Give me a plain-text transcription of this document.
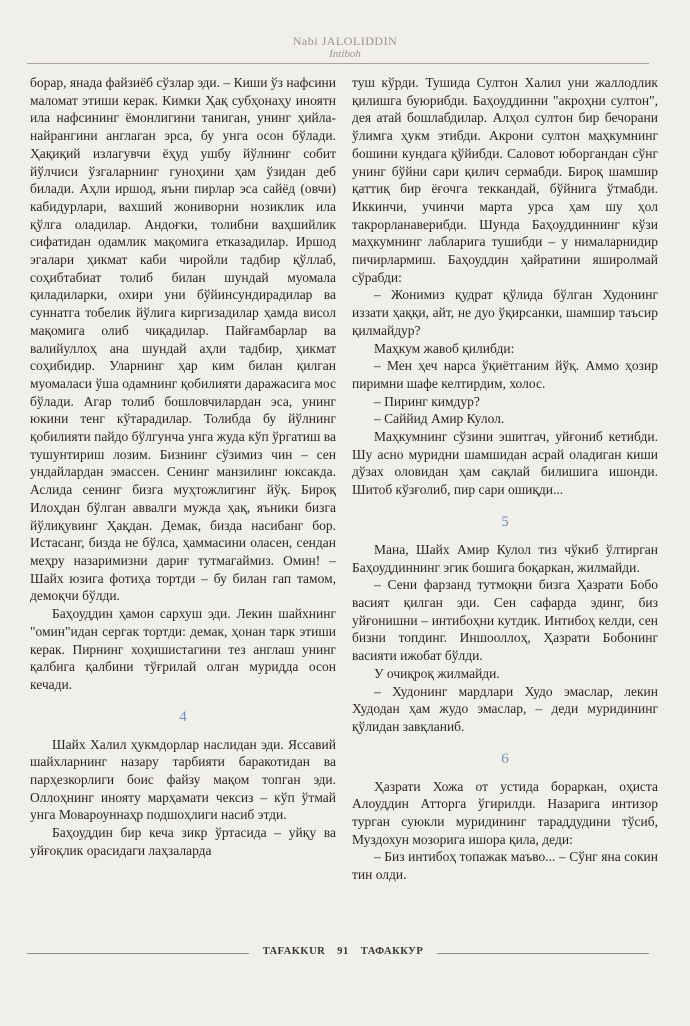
Nabi JALOLIDDIN
Intiboh

борар, янада файзиёб сўзлар эди. – Киши ўз нафсини маломат этиши керак. Кимки Ҳақ субҳонаҳу иноятн ила нафсининг ёмонлигини таниган, унинг ҳийла-найрангини англаган эрса, бу унга осон бўлади. Ҳақиқий излагувчи ёҳуд ушбу йўлнинг собит йўлчиси ўзгаларнинг гуноҳини ҳам ўзидан деб билади. Аҳли иршод, яъни пирлар эса сайёд (овчи) кабидурлари, вахший жониворни нозиклик ила қўлга оладилар. Андоғки, толибни ваҳшийлик сифатидан одамлик мақомига етказадилар. Иршод эгалари ҳикмат каби чиройли тадбир қўллаб, соҳибтабиат толиб билан шундай муомала қиладиларки, охири уни бўйинсундирадилар ва суннатга тобелик йўлига киргизадилар ҳамда висол мақомига олиб чиқадилар. Пайғамбарлар ва валийуллоҳ ана шундай аҳли тадбир, ҳикмат соҳибидир. Уларнинг ҳар ким билан қилган муомаласи ўша одамнинг қобилияти даражасига мос бўлади. Агар толиб бошловчилардан эса, унинг юкини тенг кўтарадилар. Толибда бу йўлнинг қобилияти пайдо бўлгунча унга жуда кўп ўргатиш ва тушунтириш лозим. Бизнинг сўзимиз чин – сен ундайлардан эмассен. Сенинг манзилинг юксакда. Аслида сенинг бизга муҳтожлигинг йўқ. Бироқ Илоҳдан бўлган аввалги муждa ҳақ, яъники бизга йўлиқувинг Ҳақдан. Демак, бизда насибанг бор. Истасанг, бизда не бўлса, ҳаммасини оласен, сендан меҳру назаримизни дариғ тутмагаймиз. Омин! – Шайх юзига фотиҳа тортди – бу билан гап тамом, демоқчи бўлди.

Баҳоуддин ҳамон сархуш эди. Лекин шайхнинг "омин"идан сергак тортди: демак, ҳонан тарк этиши керак. Пирнинг хоҳишистагини тез англаш унинг қалбига қалбини тўғрилай олган муридда осон кечади.

4

Шайх Халил ҳукмдорлар наслидан эди. Яссавий шайхларнинг назару тарбияти баракотидан ва парҳезкорлиги боис файзу мақом топган эди. Оллоҳнинг иноятy марҳамати чексиз – кўп ўтмай унга Мовароуннаҳр подшоҳлиги насиб этди.

Баҳоуддин бир кеча зикр ўртасида – уйқу ва уйғоқлик орасидаги лаҳзаларда

туш кўрди. Тушида Султон Халил уни жаллодлик қилишга буюрибди. Баҳоуддинни "акроҳни султон", дея атай бошлабдилар. Алҳол султон бир бечорани ўлимга ҳукм этибди. Акрони султон маҳкумнинг бошини кундага қўйибди. Саловот юборгандан сўнг унинг бўйни сари қилич сермабди. Бироқ шамшир қаттиқ бир ёғочга теккандай, бўйнига ўтмабди. Иккинчи, учинчи марта урса ҳам шу ҳол такрорланаверибди. Шунда Баҳоуддиннинг кўзи маҳкумнинг лабларига тушибди – у нималарнидир пичирлармиш. Баҳоуддин ҳайратини яширолмай сўрабди:

– Жонимиз қудрат қўлида бўлган Худонинг иззати ҳаққи, айт, не дуо ўқирсанки, шамшир таъсир қилмайдур?

Маҳкум жавоб қилибди:

– Мен ҳеч нарса ўқиётганим йўқ. Аммо ҳозир пиримни шафе келтирдим, холос.

– Пиринг кимдур?

– Саййид Амир Кулол.

Маҳкумнинг сўзини эшитгач, уйғониб кетибди. Шу асно муридни шамшидан асрай оладиган киши дўзах оловидан ҳам сақлай билишига ишонди. Шитоб кўзғолиб, пир сари ошиқди...

5

Мана, Шайх Амир Кулол тиз чўкиб ўлтирган Баҳоуддиннинг эгик бошига боқаркан, жилмайди.

– Сени фарзанд тутмоқни бизга Ҳазрати Бобо васият қилган эди. Сен сафарда эдинг, биз уйғонишни – интибоҳни кутдик. Интибоҳ келди, сен бизни топдинг. Иншооллоҳ, Ҳазрати Бобонинг васияти ижобат бўлди.

У очиқроқ жилмайди.

– Худонинг мардлари Худо эмаслар, лекин Худодан ҳам жудо эмаслар, – деди муридининг қўлидан завқланиб.

6

Ҳазрати Хожа от устида бораркан, оҳиста Алоуддин Атторга ўгирилди. Назарига интизор турган суюкли муридининг тараддудини тўсиб, Муздохун мозорига ишора қила, деди:

– Биз интибоҳ топажак маъво... – Сўнг яна сокин тин олди.

TAFAKKUR 91 ТАФАККУР
